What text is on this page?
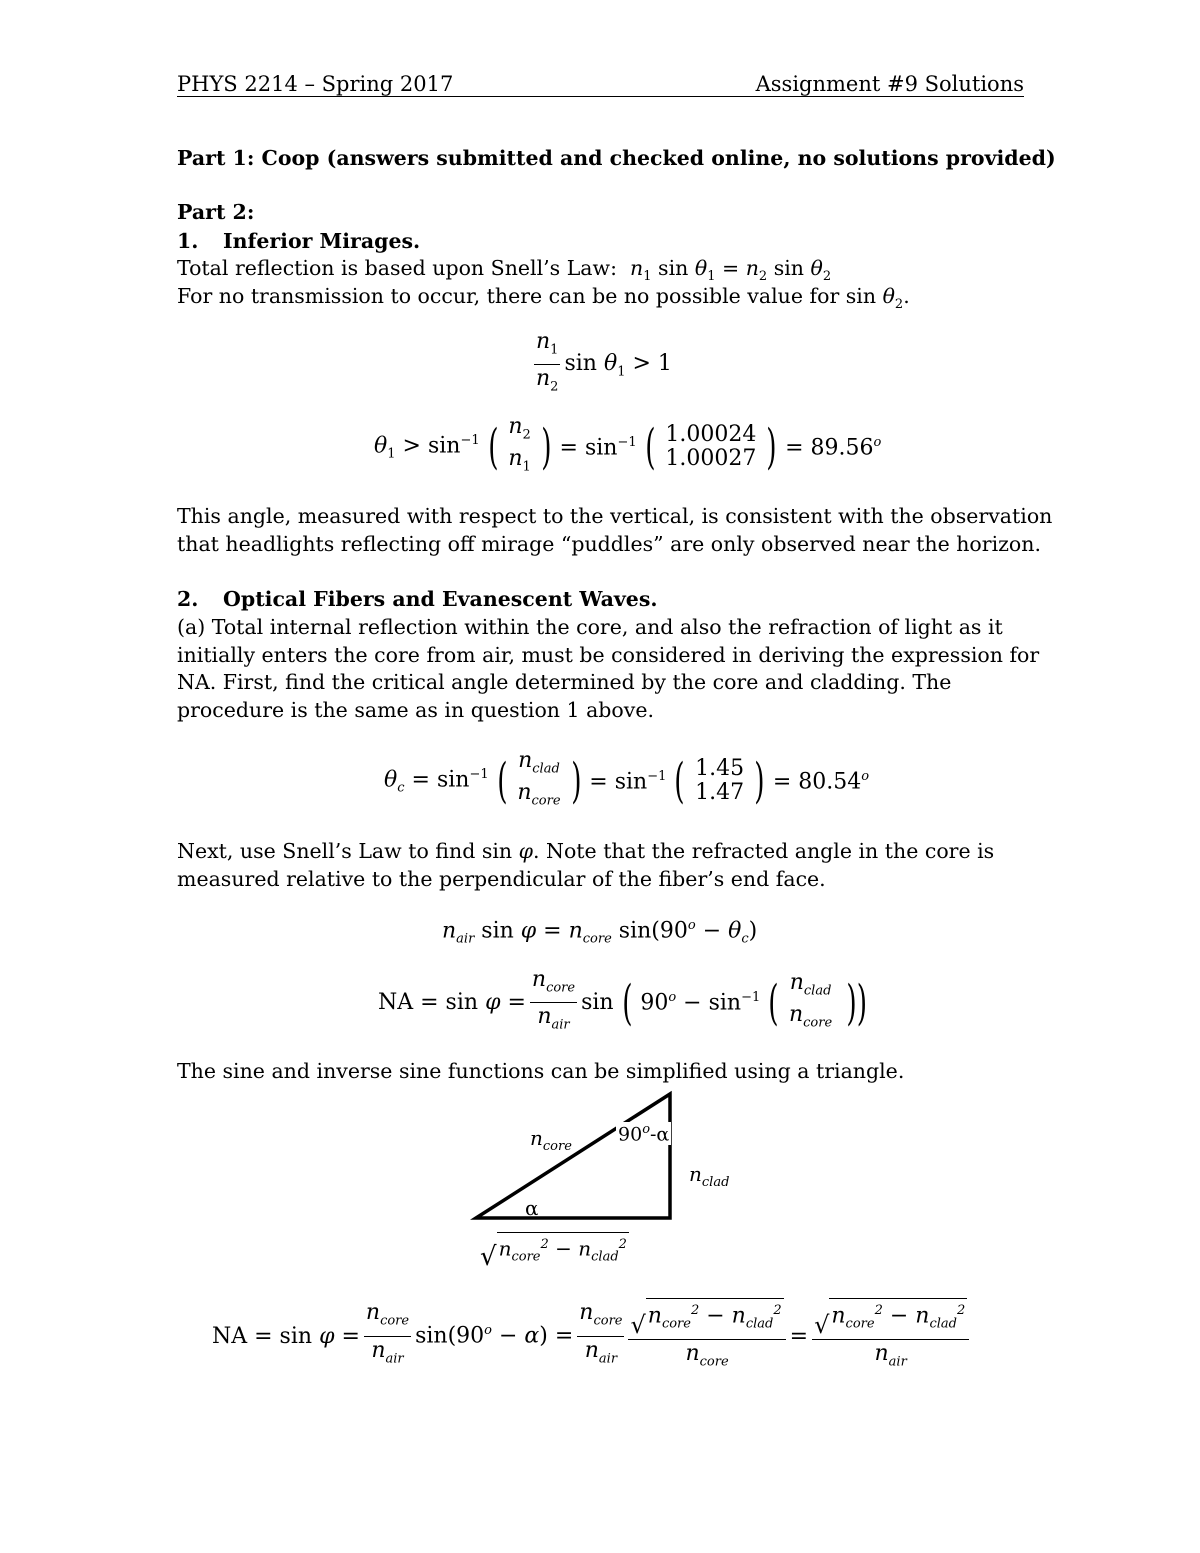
PHYS 2214 – Spring 2017	Assignment #9 Solutions
Part 1: Coop (answers submitted and checked online, no solutions provided)
Part 2:
1. Inferior Mirages.
Total reflection is based upon Snell’s Law: $n_1$ $\sin \theta_1 = n_2$ $\sin \theta_2$
For no transmission to occur, there can be no possible value for $\sin \theta_2$.
$\frac{n_1}{n_2}$ $\sin \theta_1 > 1$
$\theta_1 > \sin^{-1}$ ( $n_2$
$n_1$ ) = $\sin^{-1}$ ( 1.00024
1.00027 ) = $89.56^o$
This angle, measured with respect to the vertical, is consistent with the observation
that headlights reflecting off mirage “puddles” are only observed near the horizon.
2. Optical Fibers and Evanescent Waves.
(a) Total internal reflection within the core, and also the refraction of light as it
initially enters the core from air, must be considered in deriving the expression for
NA. First, find the critical angle determined by the core and cladding. The
procedure is the same as in question 1 above.
$\theta_c = \sin^{-1}$ ( $n_{clad}$
$n_{core}$ ) = $\sin^{-1}$ ( 1.45
1.47 ) = $80.54^o$
Next, use Snell’s Law to find sin φ. Note that the refracted angle in the core is
measured relative to the perpendicular of the fiber’s end face.
$n_{air}$ $\sin \varphi = n_{core}$ $\sin(90^o - \theta_c)$
NA = $\sin \varphi = \frac{n_{core}}{n_{air}}$ sin ( $90^o - \sin^{-1}$ ( $n_{clad}$
$n_{core}$ ))
The sine and inverse sine functions can be simplified using a triangle.
$n_{core}$
90$^o$-α
$n_{clad}$
α
√ $n_{core}^2 - n_{clad}^2$
NA = $\sin \varphi = \frac{n_{core}}{n_{air}} \sin(90^o - \alpha) = \frac{n_{core}}{n_{air}} \frac{√ n_{core}^2 - n_{clad}^2}{n_{core}} = \frac{√ n_{core}^2 - n_{clad}^2}{n_{air}}$
